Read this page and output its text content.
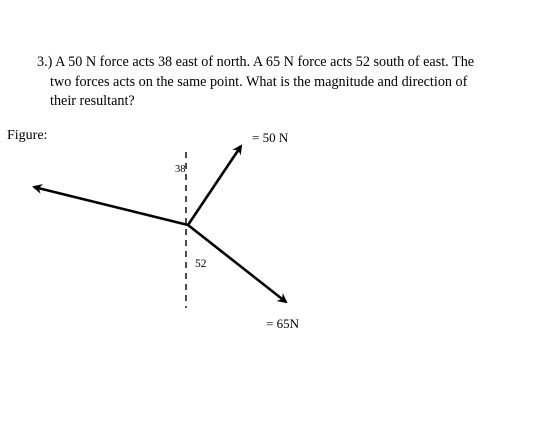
3.) A 50 N force acts 38 east of north. A 65 N force acts 52 south of east. The
two forces acts on the same point. What is the magnitude and direction of
their resultant?
Figure:	= 50 N
= 65N
38
52
